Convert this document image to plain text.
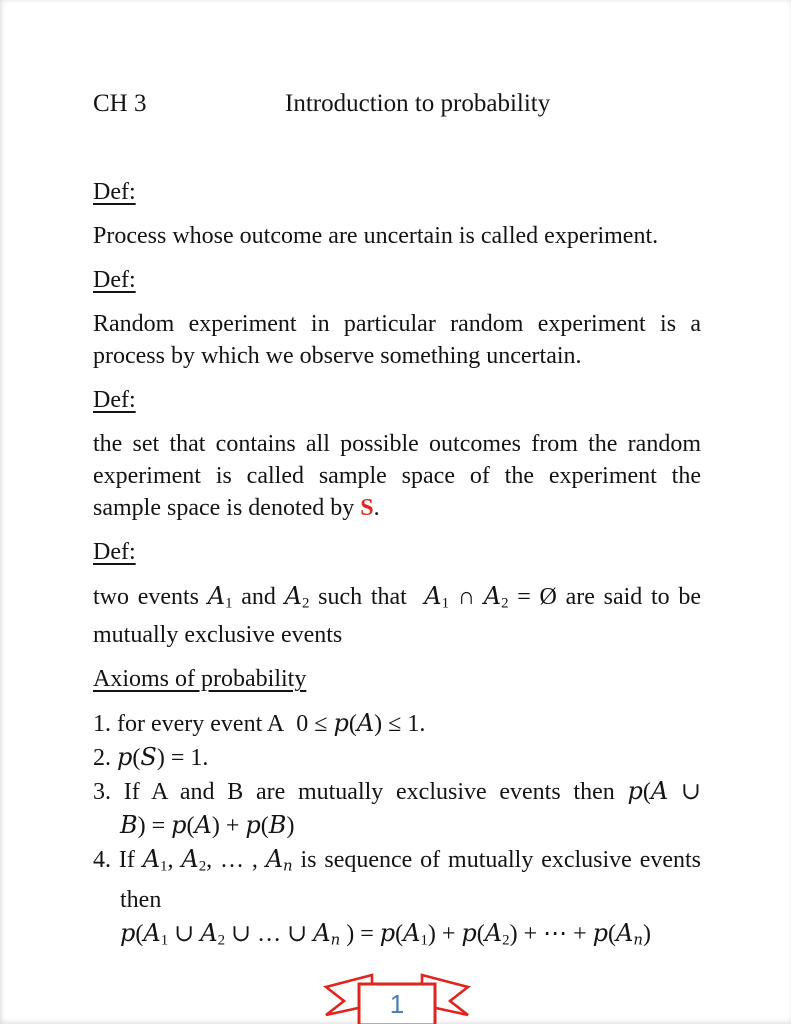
CH 3	Introduction to probability
Def:
Process whose outcome are uncertain is called experiment.
Def:
Random experiment in particular random experiment is a
process by which we observe something uncertain.
Def:
the set that contains all possible outcomes from the random
experiment is called sample space of the experiment the
sample space is denoted by S.
Def:
two events A1 and A2 such that  A1 ∩ A2 = Ø are said to be
mutually exclusive events
Axioms of probability
1. for every event A  0 ≤ p(A) ≤ 1.
2. p(S) = 1.
3. If A and B are mutually exclusive events then p(A ∪
B) = p(A) + p(B)
4. If A1, A2, … , An is sequence of mutually exclusive events
then
p(A1 ∪ A2 ∪ … ∪ An ) = p(A1) + p(A2) + ⋯ + p(An)
1
